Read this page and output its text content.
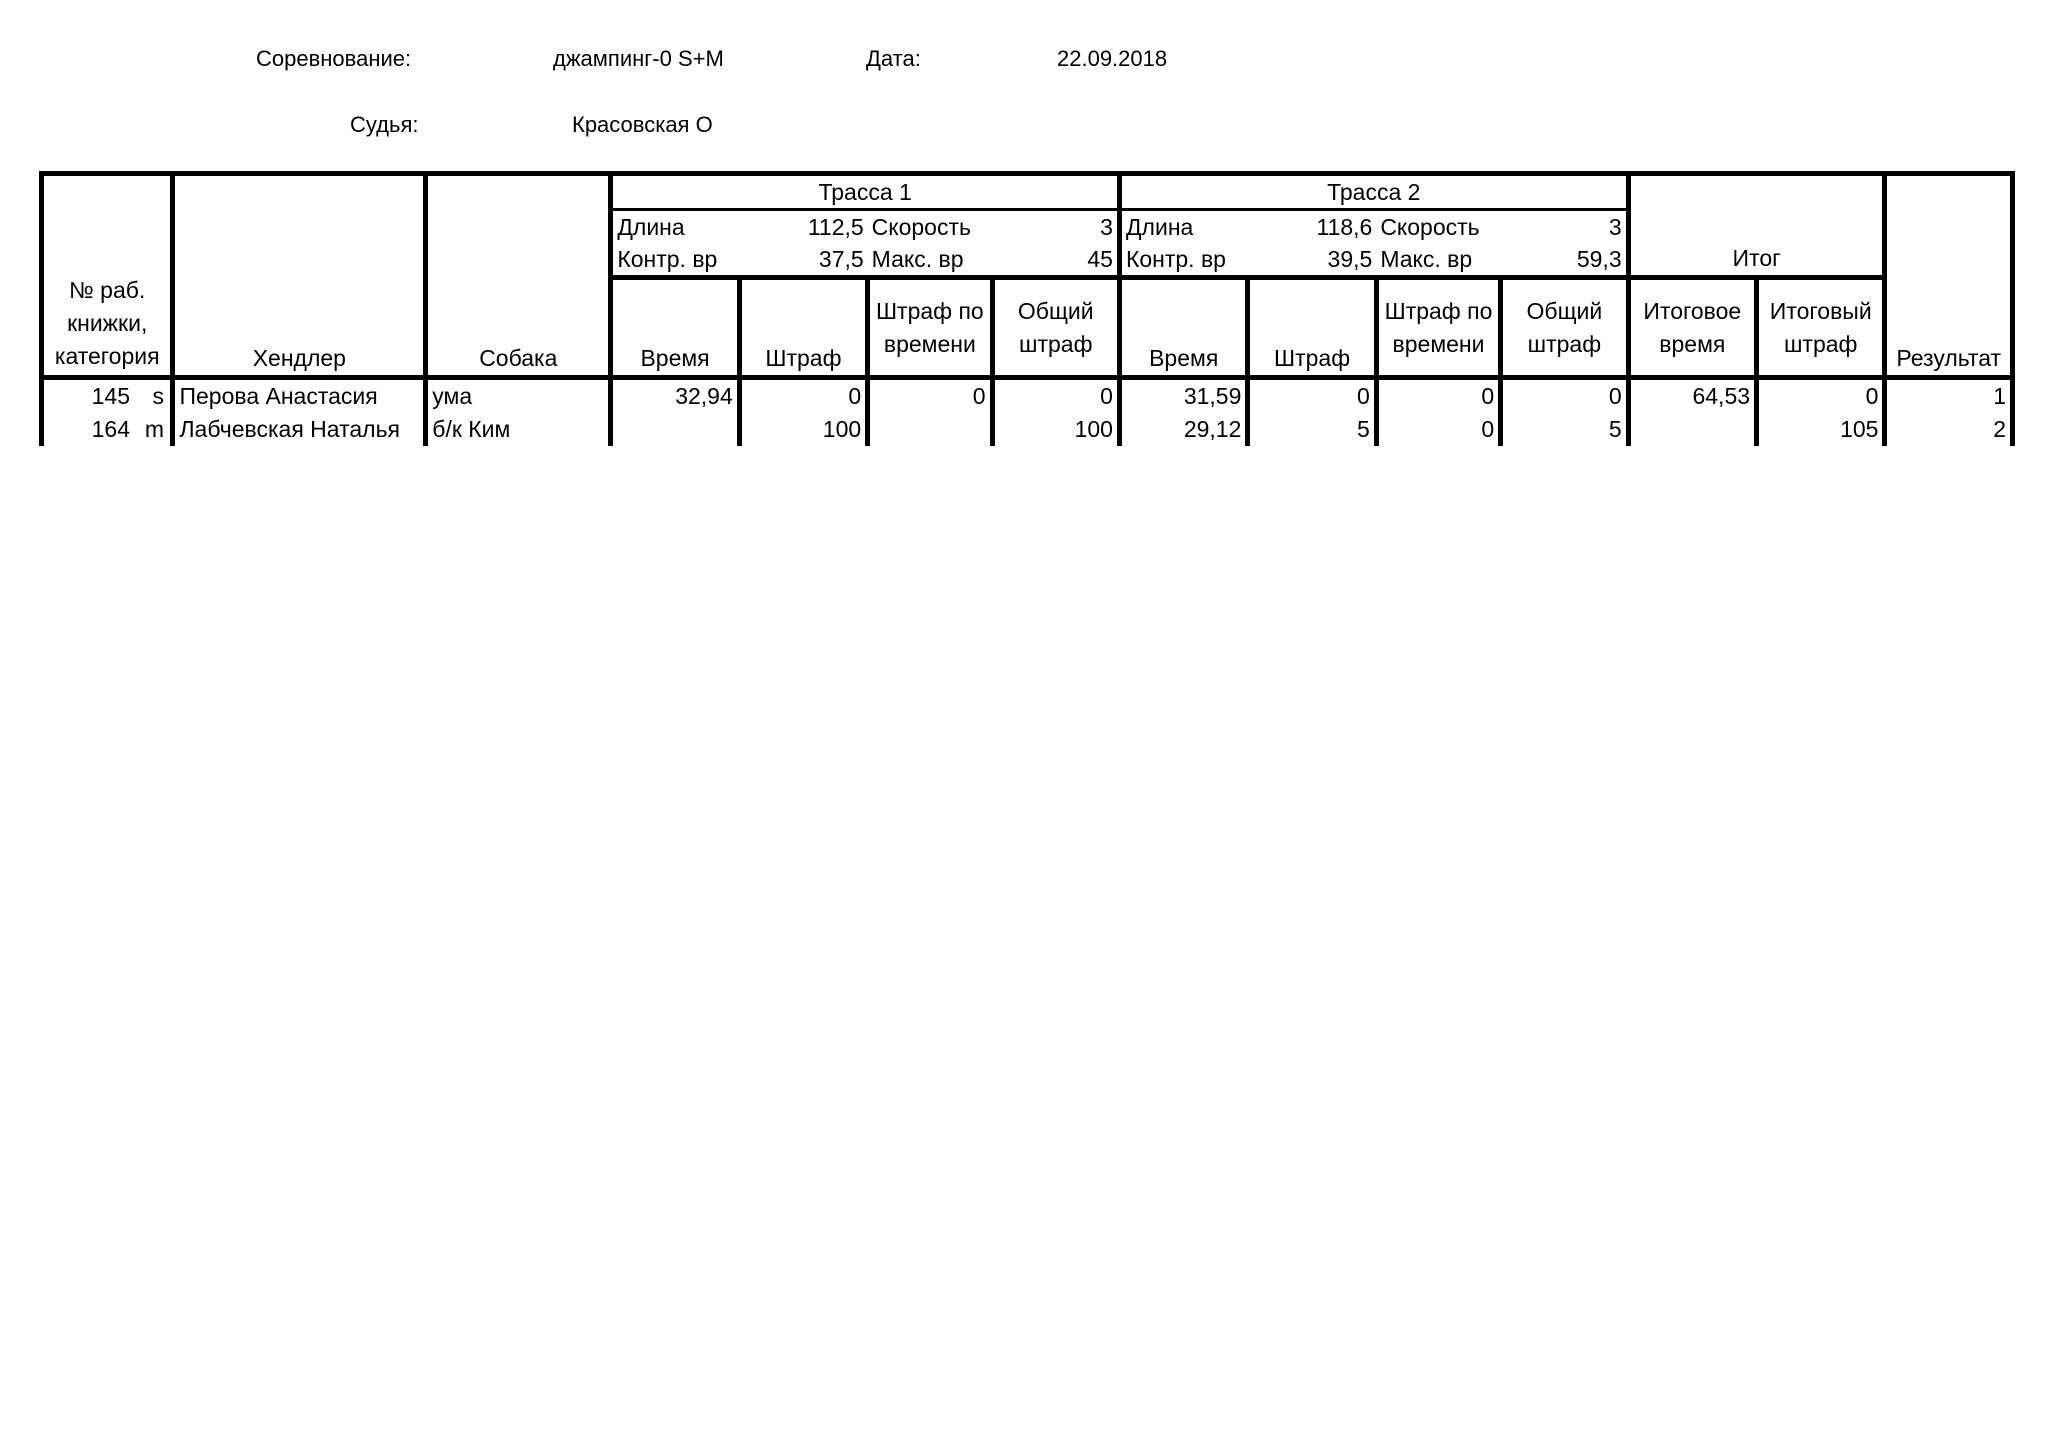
Соревнование:	джампинг-0 S+M	Дата:	22.09.2018
Судья:	Красовская О
№ раб. книжки, категория	Хендлер	Собака	Трасса 1				Трасса 2				Итог		Результат
			Длина	112,5	Скорость	3	Длина	118,6	Скорость	3			
			Контр. вр	37,5	Макс. вр	45	Контр. вр	39,5	Макс. вр	59,3			
			Время	Штраф	Штраф по времени	Общий штраф	Время	Штраф	Штраф по времени	Общий штраф	Итоговое время	Итоговый штраф	
145 s	Перова Анастасия	ума	32,94	0	0	0	31,59	0	0	0	64,53	0	1
164 m	Лабчевская Наталья	б/к Ким		100		100	29,12	5	0	5		105	2
